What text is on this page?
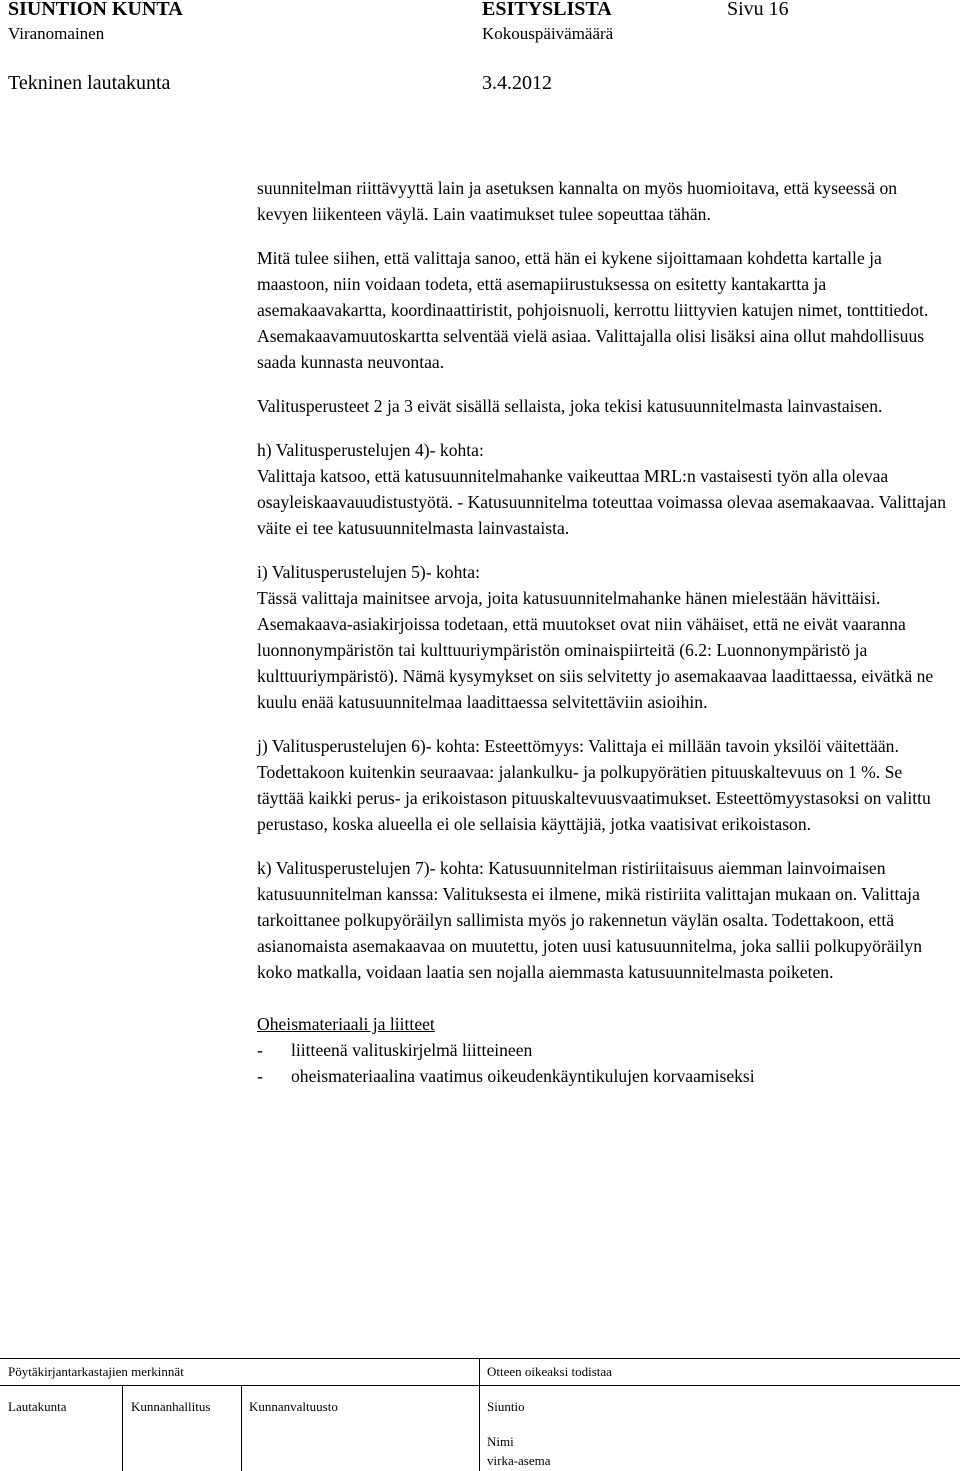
SIUNTION KUNTA	ESITYSLISTA	Sivu 16
Viranomainen	Kokouspäivämäärä
Tekninen lautakunta	3.4.2012

suunnitelman riittävyyttä lain ja asetuksen kannalta on myös huomioitava, että kyseessä on kevyen liikenteen väylä. Lain vaatimukset tulee sopeuttaa tähän.

Mitä tulee siihen, että valittaja sanoo, että hän ei kykene sijoittamaan kohdetta kartalle ja maastoon, niin voidaan todeta, että asemapiirustuksessa on esitetty kantakartta ja asemakaavakartta, koordinaattiristit, pohjoisnuoli, kerrottu liittyvien katujen nimet, tonttitiedot. Asemakaavamuutoskartta selventää vielä asiaa. Valittajalla olisi lisäksi aina ollut mahdollisuus saada kunnasta neuvontaa.

Valitusperusteet 2 ja 3 eivät sisällä sellaista, joka tekisi katusuunnitelmasta lainvastaisen.

h) Valitusperustelujen 4)- kohta:

Valittaja katsoo, että katusuunnitelmahanke vaikeuttaa MRL:n vastaisesti työn alla olevaa osayleiskaavauudistustyötä. - Katusuunnitelma toteuttaa voimassa olevaa asemakaavaa. Valittajan väite ei tee katusuunnitelmasta lainvastaista.

i) Valitusperustelujen 5)- kohta:

Tässä valittaja mainitsee arvoja, joita katusuunnitelmahanke hänen mielestään hävittäisi. Asemakaava-asiakirjoissa todetaan, että muutokset ovat niin vähäiset, että ne eivät vaaranna luonnonympäristön tai kulttuuriympäristön ominaispiirteitä (6.2: Luonnonympäristö ja kulttuuriympäristö). Nämä kysymykset on siis selvitetty jo asemakaavaa laadittaessa, eivätkä ne kuulu enää katusuunnitelmaa laadittaessa selvitettäviin asioihin.

j) Valitusperustelujen 6)- kohta: Esteettömyys: Valittaja ei millään tavoin yksilöi väitettään. Todettakoon kuitenkin seuraavaa: jalankulku- ja polkupyörätien pituuskaltevuus on 1 %. Se täyttää kaikki perus- ja erikoistason pituuskaltevuusvaatimukset. Esteettömyystasoksi on valittu perustaso, koska alueella ei ole sellaisia käyttäjiä, jotka vaatisivat erikoistason.

k) Valitusperustelujen 7)- kohta: Katusuunnitelman ristiriitaisuus aiemman lainvoimaisen katusuunnitelman kanssa: Valituksesta ei ilmene, mikä ristiriita valittajan mukaan on. Valittaja tarkoittanee polkupyöräilyn sallimista myös jo rakennetun väylän osalta. Todettakoon, että asianomaista asemakaavaa on muutettu, joten uusi katusuunnitelma, joka sallii polkupyöräilyn koko matkalla, voidaan laatia sen nojalla aiemmasta katusuunnitelmasta poiketen.

Oheismateriaali ja liitteet

-	liitteenä valituskirjelmä liitteineen
-	oheismateriaalina vaatimus oikeudenkäyntikulujen korvaamiseksi
Pöytäkirjantarkastajien merkinnät	Otteen oikeaksi todistaa
Lautakunta	Kunnanhallitus	Kunnanvaltuusto	Siuntio
Nimi
virka-asema
